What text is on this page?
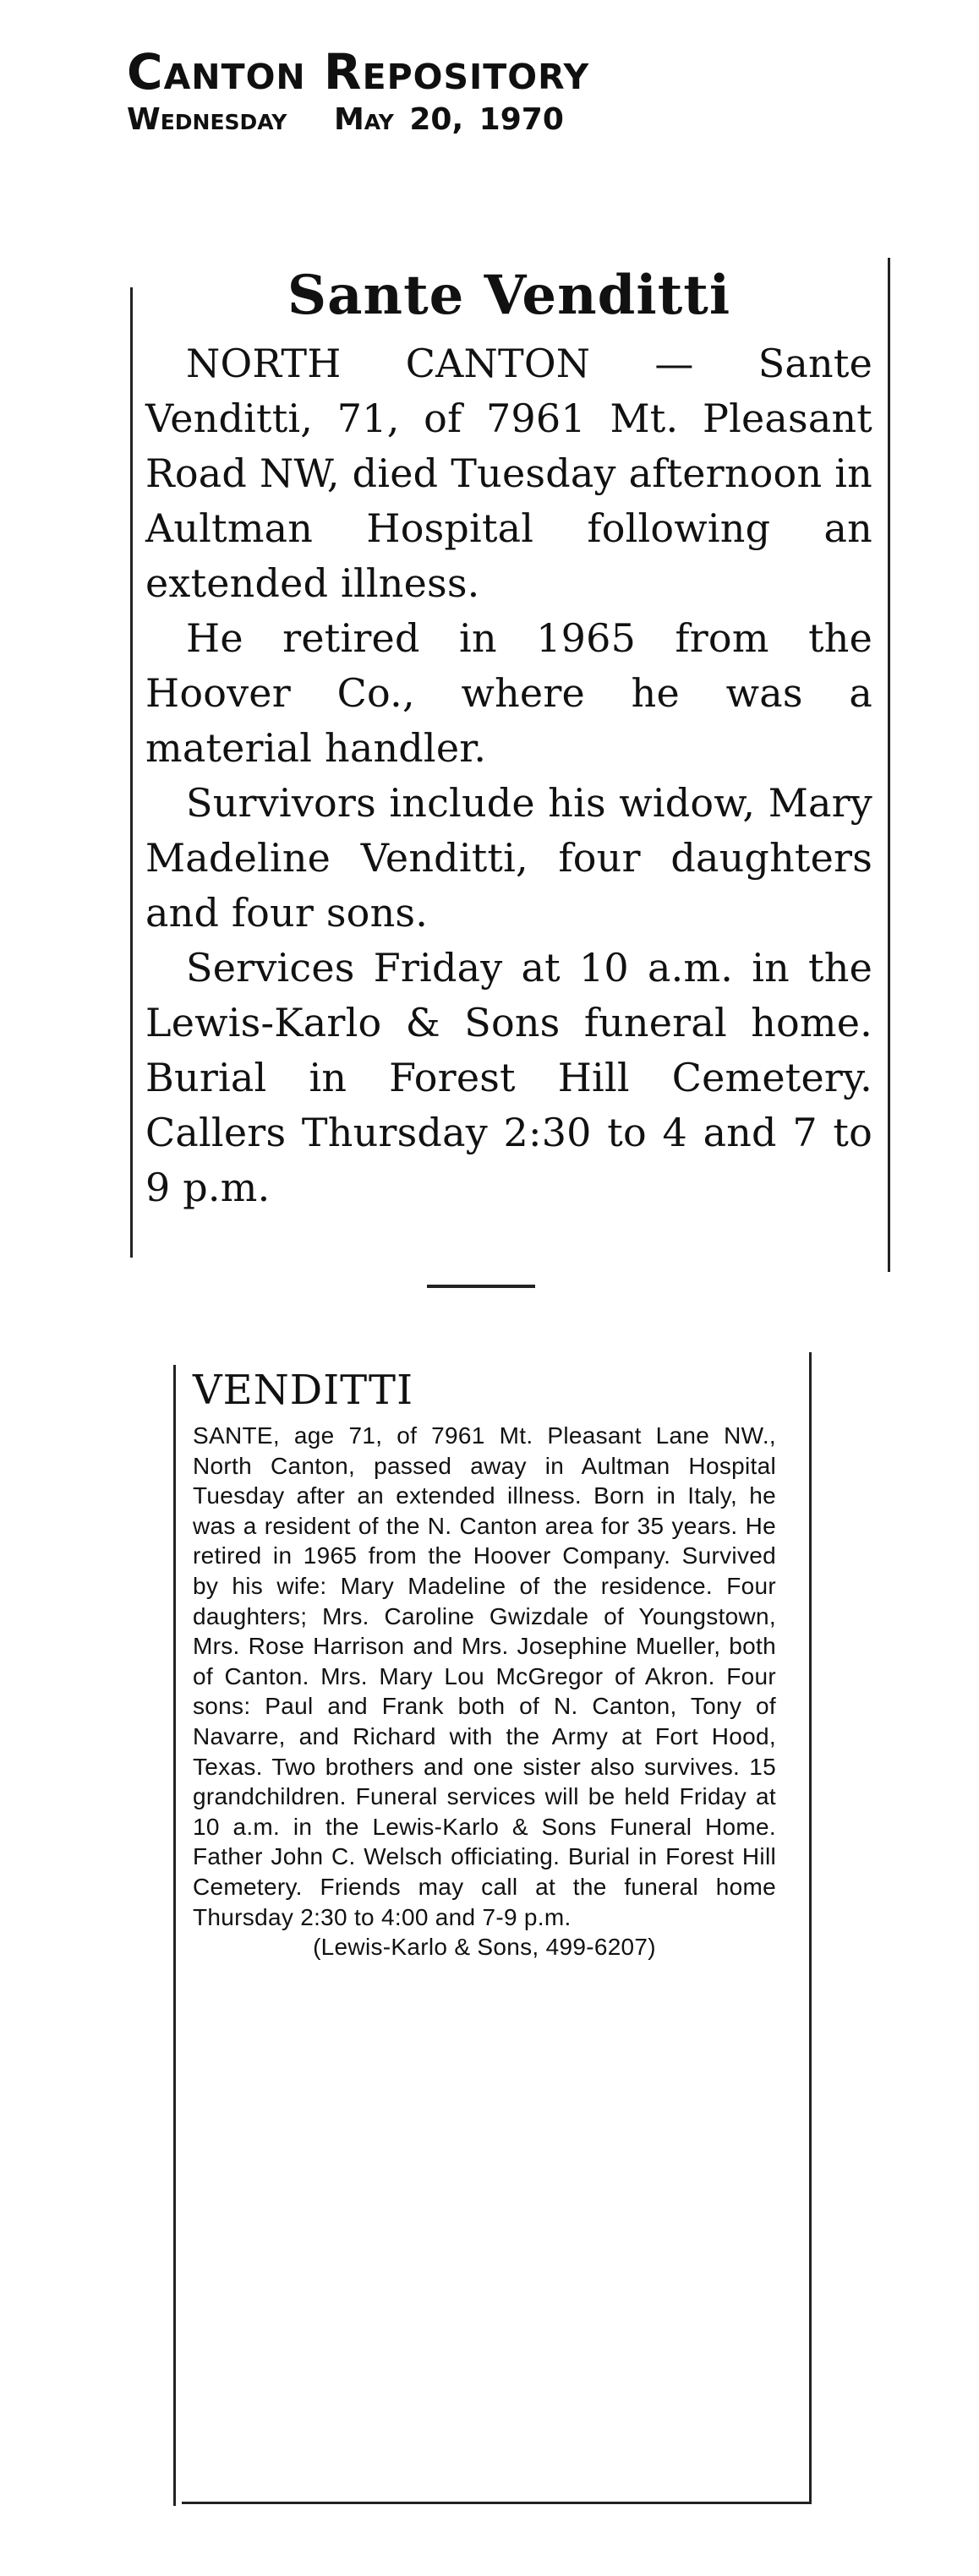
Canton Repository
Wednesday   May 20, 1970
Sante Venditti

NORTH CANTON — Sante Venditti, 71, of 7961 Mt. Pleasant Road NW, died Tuesday afternoon in Aultman Hospital following an extended illness.

He retired in 1965 from the Hoover Co., where he was a material handler.

Survivors include his widow, Mary Madeline Venditti, four daughters and four sons.

Services Friday at 10 a.m. in the Lewis-Karlo & Sons funeral home. Burial in Forest Hill Cemetery. Callers Thursday 2:30 to 4 and 7 to 9 p.m.

VENDITTI

SANTE, age 71, of 7961 Mt. Pleasant Lane NW., North Canton, passed away in Aultman Hospital Tuesday after an extended illness. Born in Italy, he was a resident of the N. Canton area for 35 years. He retired in 1965 from the Hoover Company. Survived by his wife: Mary Madeline of the residence. Four daughters; Mrs. Caroline Gwizdale of Youngstown, Mrs. Rose Harrison and Mrs. Josephine Mueller, both of Canton. Mrs. Mary Lou McGregor of Akron. Four sons: Paul and Frank both of N. Canton, Tony of Navarre, and Richard with the Army at Fort Hood, Texas. Two brothers and one sister also survives. 15 grandchildren. Funeral services will be held Friday at 10 a.m. in the Lewis-Karlo & Sons Funeral Home. Father John C. Welsch officiating. Burial in Forest Hill Cemetery. Friends may call at the funeral home Thursday 2:30 to 4:00 and 7-9 p.m.

(Lewis-Karlo & Sons, 499-6207)
